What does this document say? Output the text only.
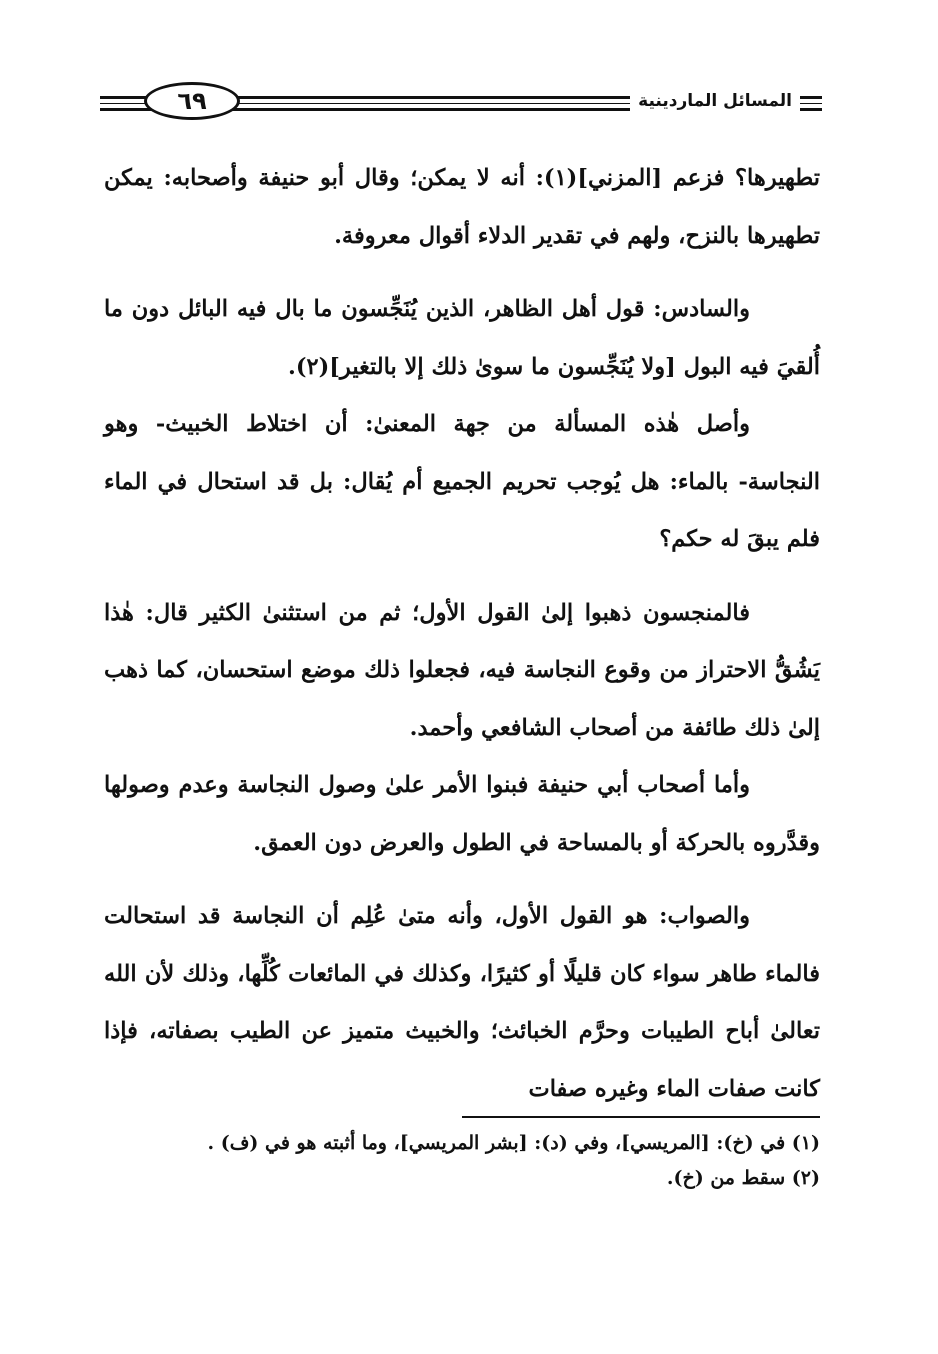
٦٩	المسائل الماردينية

تطهيرها؟ فزعم [المزني](١): أنه لا يمكن؛ وقال أبو حنيفة وأصحابه: يمكن تطهيرها بالنزح، ولهم في تقدير الدلاء أقوال معروفة.

والسادس: قول أهل الظاهر، الذين يُنَجِّسون ما بال فيه البائل دون ما أُلقيَ فيه البول [ولا يُنَجِّسون ما سوىٰ ذلك إلا بالتغير](٢).

وأصل هٰذه المسألة من جهة المعنىٰ: أن اختلاط الخبيث- وهو النجاسة- بالماء: هل يُوجب تحريم الجميع أم يُقال: بل قد استحال في الماء فلم يبقَ له حكم؟

فالمنجسون ذهبوا إلىٰ القول الأول؛ ثم من استثنىٰ الكثير قال: هٰذا يَشُقُّ الاحتراز من وقوع النجاسة فيه، فجعلوا ذلك موضع استحسان، كما ذهب إلىٰ ذلك طائفة من أصحاب الشافعي وأحمد.

وأما أصحاب أبي حنيفة فبنوا الأمر علىٰ وصول النجاسة وعدم وصولها وقدَّروه بالحركة أو بالمساحة في الطول والعرض دون العمق.

والصواب: هو القول الأول، وأنه متىٰ عُلِم أن النجاسة قد استحالت فالماء طاهر سواء كان قليلًا أو كثيرًا، وكذلك في المائعات كُلِّها، وذلك لأن الله تعالىٰ أباح الطيبات وحرَّم الخبائث؛ والخبيث متميز عن الطيب بصفاته، فإذا كانت صفات الماء وغيره صفات

(١) في (خ): [المريسي]، وفي (د): [بشر المريسي]، وما أثبته هو في (ف) .

(٢) سقط من (خ).
